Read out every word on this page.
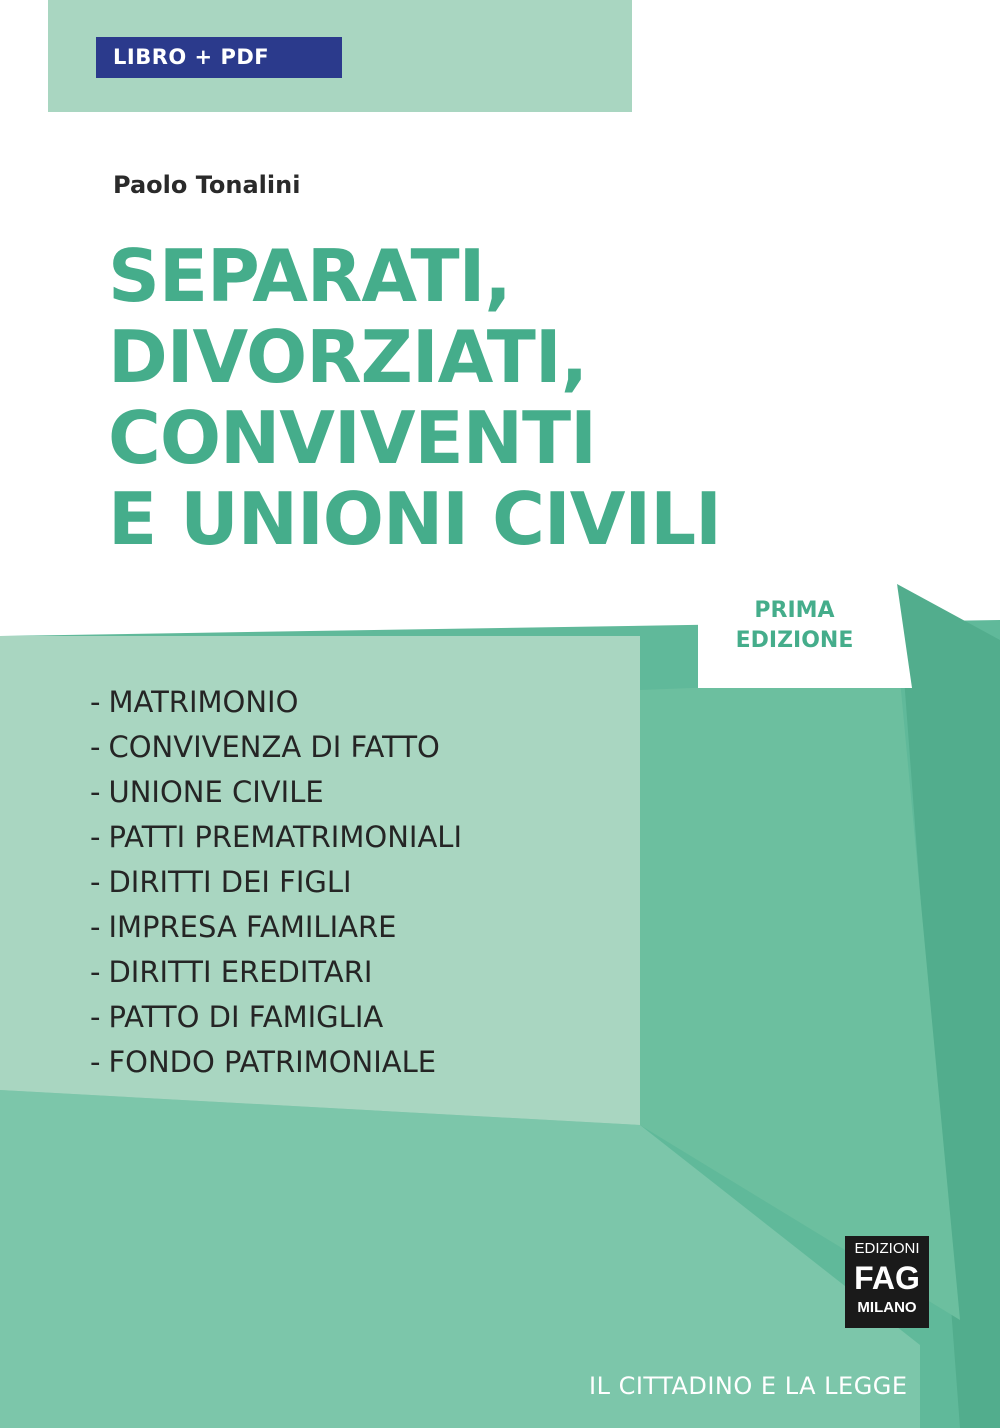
LIBRO + PDF
Paolo Tonalini
SEPARATI,
DIVORZIATI,
CONVIVENTI
E UNIONI CIVILI
PRIMA
EDIZIONE
- MATRIMONIO
- CONVIVENZA DI FATTO
- UNIONE CIVILE
- PATTI PREMATRIMONIALI
- DIRITTI DEI FIGLI
- IMPRESA FAMILIARE
- DIRITTI EREDITARI
- PATTO DI FAMIGLIA
- FONDO PATRIMONIALE
EDIZIONI
FAG
MILANO
IL CITTADINO E LA LEGGE
